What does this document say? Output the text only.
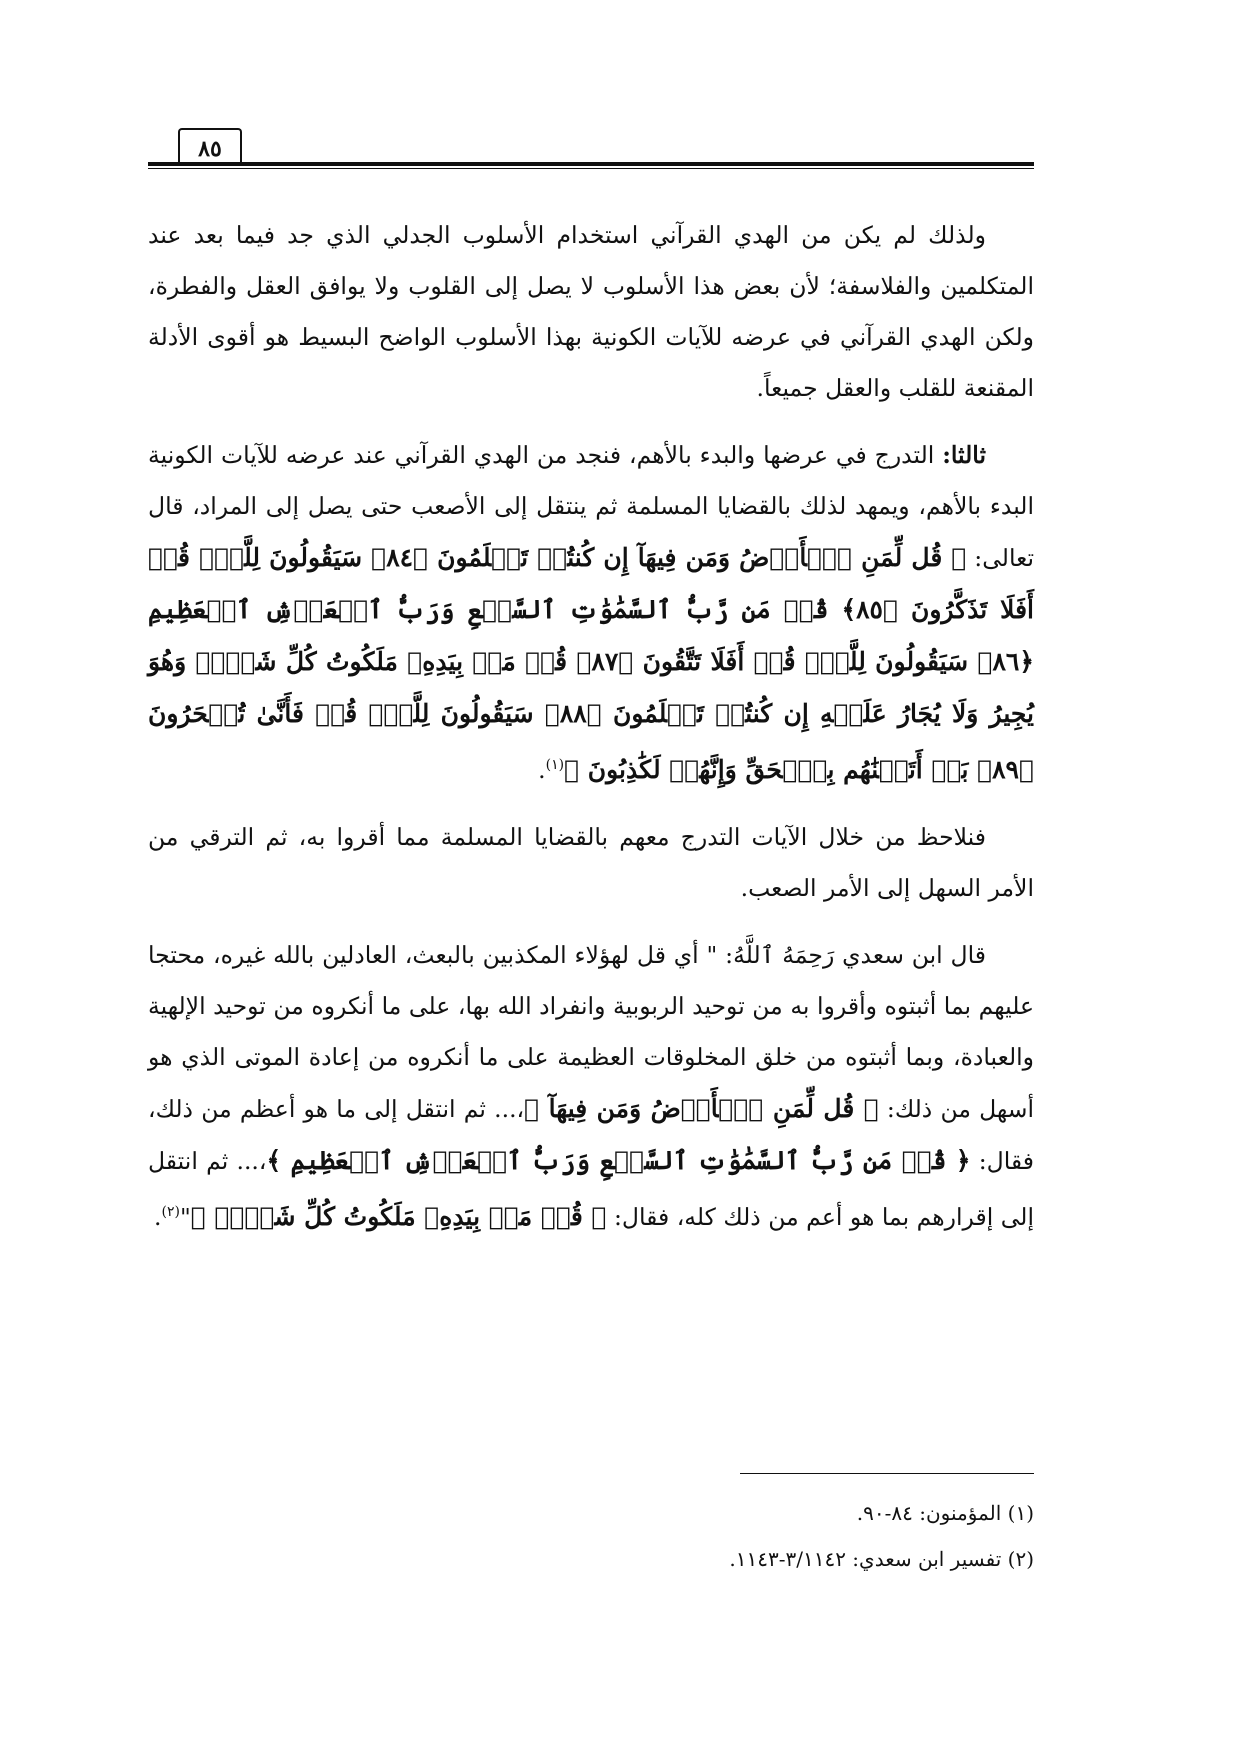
٨٥

ولذلك لم يكن من الهدي القرآني استخدام الأسلوب الجدلي الذي جد فيما بعد عند المتكلمين والفلاسفة؛ لأن بعض هذا الأسلوب لا يصل إلى القلوب ولا يوافق العقل والفطرة، ولكن الهدي القرآني في عرضه للآيات الكونية بهذا الأسلوب الواضح البسيط هو أقوى الأدلة المقنعة للقلب والعقل جميعاً.

ثالثا: التدرج في عرضها والبدء بالأهم، فنجد من الهدي القرآني عند عرضه للآيات الكونية البدء بالأهم، ويمهد لذلك بالقضايا المسلمة ثم ينتقل إلى الأصعب حتى يصل إلى المراد، قال تعالى: ﴿ قُل لِّمَنِ ٱلۡأَرۡضُ وَمَن فِيهَآ إِن كُنتُمۡ تَعۡلَمُونَ ﴿٨٤﴾ سَيَقُولُونَ لِلَّهِۚ قُلۡ أَفَلَا تَذَكَّرُونَ ﴿٨٥﴾ قُلۡ مَن رَّبُّ ٱلسَّمَٰوَٰتِ ٱلسَّبۡعِ وَرَبُّ ٱلۡعَرۡشِ ٱلۡعَظِيمِ ﴿٨٦﴾ سَيَقُولُونَ لِلَّهِۚ قُلۡ أَفَلَا تَتَّقُونَ ﴿٨٧﴾ قُلۡ مَنۢ بِيَدِهِۦ مَلَكُوتُ كُلِّ شَيۡءٖ وَهُوَ يُجِيرُ وَلَا يُجَارُ عَلَيۡهِ إِن كُنتُمۡ تَعۡلَمُونَ ﴿٨٨﴾ سَيَقُولُونَ لِلَّهِۚ قُلۡ فَأَنَّىٰ تُسۡحَرُونَ ﴿٨٩﴾ بَلۡ أَتَيۡنَٰهُم بِٱلۡحَقِّ وَإِنَّهُمۡ لَكَٰذِبُونَ ﴾$^{(١)}$.

فنلاحظ من خلال الآيات التدرج معهم بالقضايا المسلمة مما أقروا به، ثم الترقي من الأمر السهل إلى الأمر الصعب.

قال ابن سعدي رَحِمَهُ ٱللَّهُ: " أي قل لهؤلاء المكذبين بالبعث، العادلين بالله غيره، محتجا عليهم بما أثبتوه وأقروا به من توحيد الربوبية وانفراد الله بها، على ما أنكروه من توحيد الإلهية والعبادة، وبما أثبتوه من خلق المخلوقات العظيمة على ما أنكروه من إعادة الموتى الذي هو أسهل من ذلك: ﴿ قُل لِّمَنِ ٱلۡأَرۡضُ وَمَن فِيهَآ ﴾،... ثم انتقل إلى ما هو أعظم من ذلك، فقال: ﴿ قُلۡ مَن رَّبُّ ٱلسَّمَٰوَٰتِ ٱلسَّبۡعِ وَرَبُّ ٱلۡعَرۡشِ ٱلۡعَظِيمِ ﴾،... ثم انتقل إلى إقرارهم بما هو أعم من ذلك كله، فقال: ﴿ قُلۡ مَنۢ بِيَدِهِۦ مَلَكُوتُ كُلِّ شَيۡءٖ ﴾"$^{(٢)}$.

(١) المؤمنون: ٨٤-٩٠.
(٢) تفسير ابن سعدي: ٣/١١٤٢-١١٤٣.
